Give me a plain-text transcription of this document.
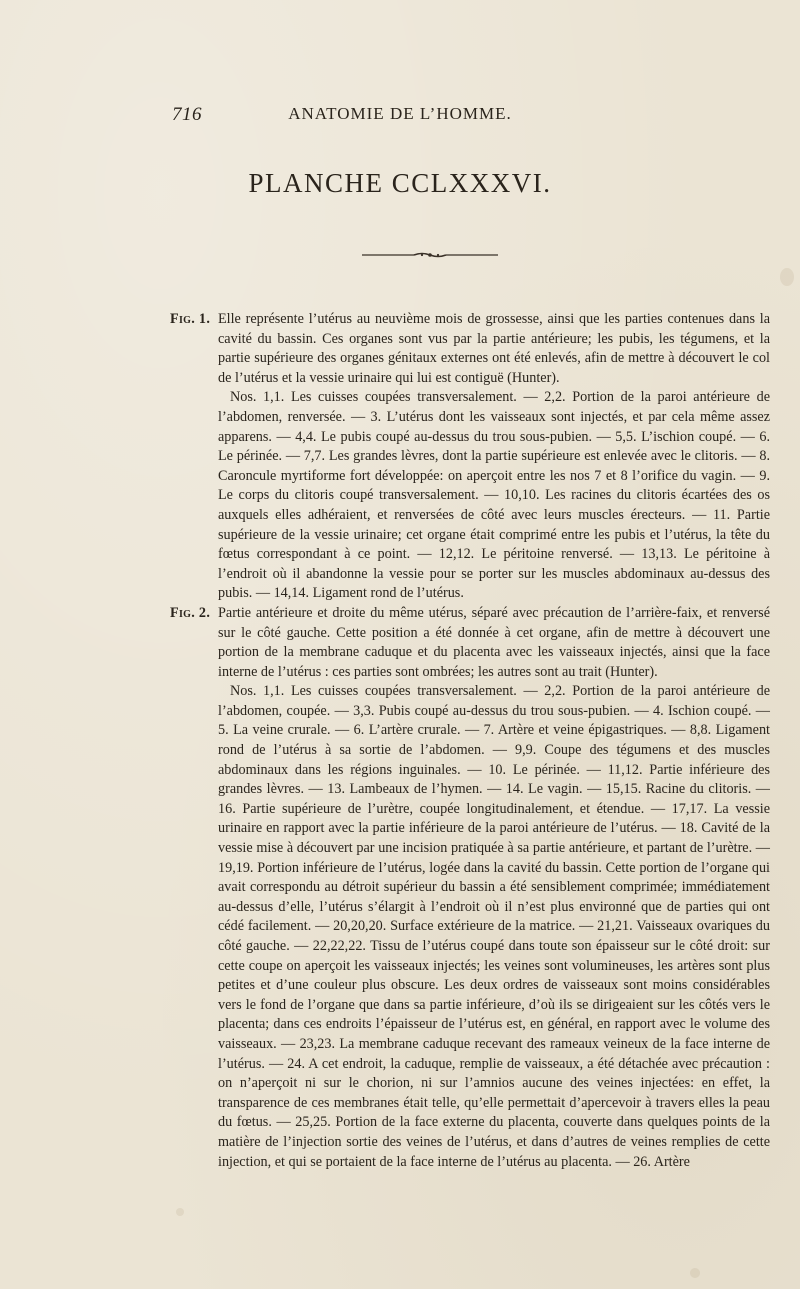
716	ANATOMIE DE L’HOMME.
PLANCHE CCLXXXVI.
Fig. 1. Elle représente l’utérus au neuvième mois de grossesse, ainsi que les parties contenues dans la cavité du bassin. Ces organes sont vus par la partie antérieure; les pubis, les tégumens, et la partie supérieure des organes génitaux externes ont été enlevés, afin de mettre à découvert le col de l’utérus et la vessie urinaire qui lui est contiguë (Hunter).

Nos. 1,1. Les cuisses coupées transversalement. — 2,2. Portion de la paroi antérieure de l’abdomen, renversée. — 3. L’utérus dont les vaisseaux sont injectés, et par cela même assez apparens. — 4,4. Le pubis coupé au-dessus du trou sous-pubien. — 5,5. L’ischion coupé. — 6. Le périnée. — 7,7. Les grandes lèvres, dont la partie supérieure est enlevée avec le clitoris. — 8. Caroncule myrtiforme fort développée: on aperçoit entre les nos 7 et 8 l’orifice du vagin. — 9. Le corps du clitoris coupé transversalement. — 10,10. Les racines du clitoris écartées des os auxquels elles adhéraient, et renversées de côté avec leurs muscles érecteurs. — 11. Partie supérieure de la vessie urinaire; cet organe était comprimé entre les pubis et l’utérus, la tête du fœtus correspondant à ce point. — 12,12. Le péritoine renversé. — 13,13. Le péritoine à l’endroit où il abandonne la vessie pour se porter sur les muscles abdominaux au-dessus des pubis. — 14,14. Ligament rond de l’utérus.

Fig. 2. Partie antérieure et droite du même utérus, séparé avec précaution de l’arrière-faix, et renversé sur le côté gauche. Cette position a été donnée à cet organe, afin de mettre à découvert une portion de la membrane caduque et du placenta avec les vaisseaux injectés, ainsi que la face interne de l’utérus : ces parties sont ombrées; les autres sont au trait (Hunter).

Nos. 1,1. Les cuisses coupées transversalement. — 2,2. Portion de la paroi antérieure de l’abdomen, coupée. — 3,3. Pubis coupé au-dessus du trou sous-pubien. — 4. Ischion coupé. — 5. La veine crurale. — 6. L’artère crurale. — 7. Artère et veine épigastriques. — 8,8. Ligament rond de l’utérus à sa sortie de l’abdomen. — 9,9. Coupe des tégumens et des muscles abdominaux dans les régions inguinales. — 10. Le périnée. — 11,12. Partie inférieure des grandes lèvres. — 13. Lambeaux de l’hymen. — 14. Le vagin. — 15,15. Racine du clitoris. — 16. Partie supérieure de l’urètre, coupée longitudinalement, et étendue. — 17,17. La vessie urinaire en rapport avec la partie inférieure de la paroi antérieure de l’utérus. — 18. Cavité de la vessie mise à découvert par une incision pratiquée à sa partie antérieure, et partant de l’urètre. — 19,19. Portion inférieure de l’utérus, logée dans la cavité du bassin. Cette portion de l’organe qui avait correspondu au détroit supérieur du bassin a été sensiblement comprimée; immédiatement au-dessus d’elle, l’utérus s’élargit à l’endroit où il n’est plus environné que de parties qui ont cédé facilement. — 20,20,20. Surface extérieure de la matrice. — 21,21. Vaisseaux ovariques du côté gauche. — 22,22,22. Tissu de l’utérus coupé dans toute son épaisseur sur le côté droit: sur cette coupe on aperçoit les vaisseaux injectés; les veines sont volumineuses, les artères sont plus petites et d’une couleur plus obscure. Les deux ordres de vaisseaux sont moins considérables vers le fond de l’organe que dans sa partie inférieure, d’où ils se dirigeaient sur les côtés vers le placenta; dans ces endroits l’épaisseur de l’utérus est, en général, en rapport avec le volume des vaisseaux. — 23,23. La membrane caduque recevant des rameaux veineux de la face interne de l’utérus. — 24. A cet endroit, la caduque, remplie de vaisseaux, a été détachée avec précaution : on n’aperçoit ni sur le chorion, ni sur l’amnios aucune des veines injectées: en effet, la transparence de ces membranes était telle, qu’elle permettait d’apercevoir à travers elles la peau du fœtus. — 25,25. Portion de la face externe du placenta, couverte dans quelques points de la matière de l’injection sortie des veines de l’utérus, et dans d’autres de veines remplies de cette injection, et qui se portaient de la face interne de l’utérus au placenta. — 26. Artère
